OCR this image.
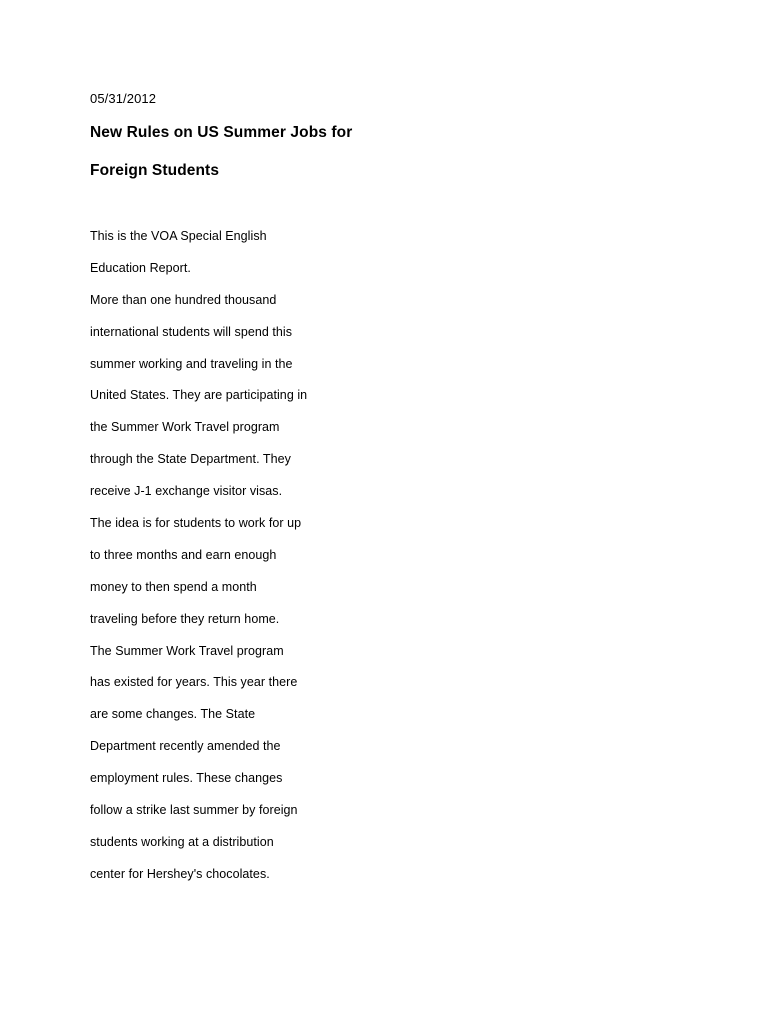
05/31/2012
New Rules on US Summer Jobs for
Foreign Students
This is the VOA Special English
Education Report.
More than one hundred thousand
international students will spend this
summer working and traveling in the
United States. They are participating in
the Summer Work Travel program
through the State Department. They
receive J-1 exchange visitor visas.
The idea is for students to work for up
to three months and earn enough
money to then spend a month
traveling before they return home.
The Summer Work Travel program
has existed for years. This year there
are some changes. The State
Department recently amended the
employment rules. These changes
follow a strike last summer by foreign
students working at a distribution
center for Hershey's chocolates.
